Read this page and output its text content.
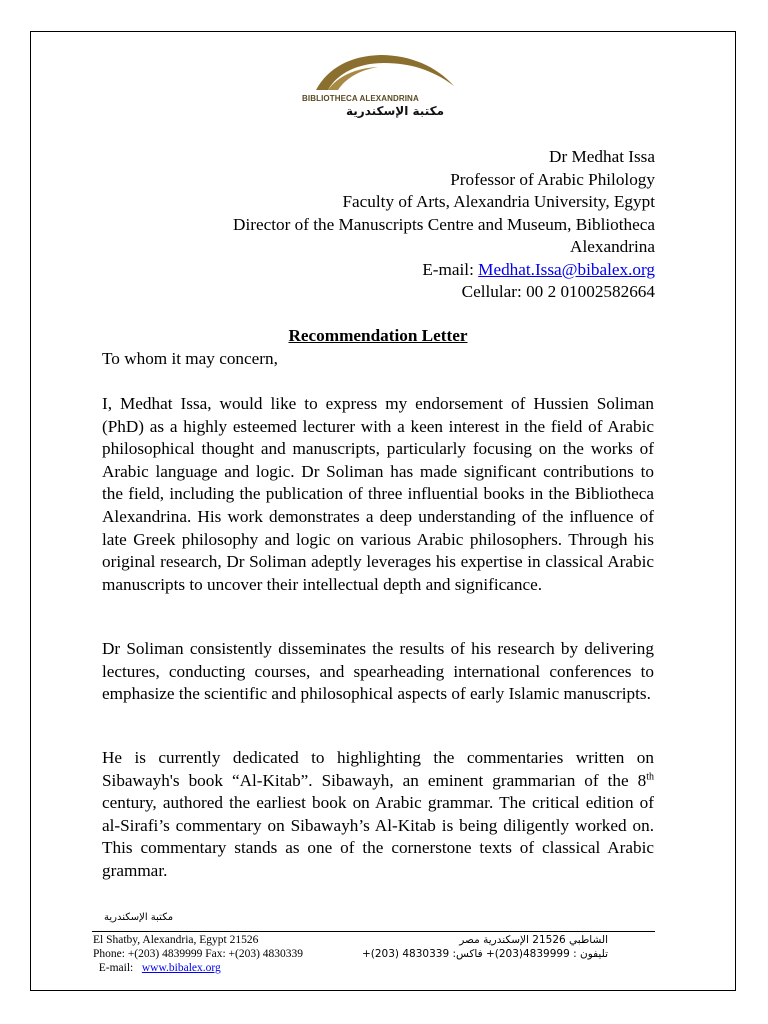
BIBLIOTHECA ALEXANDRINA
مكتبة الإسكندرية
Dr Medhat Issa
Professor of Arabic Philology
Faculty of Arts, Alexandria University, Egypt
Director of the Manuscripts Centre and Museum, Bibliotheca
Alexandrina
E-mail: Medhat.Issa@bibalex.org
Cellular: 00 2 01002582664
Recommendation Letter
To whom it may concern,
I, Medhat Issa, would like to express my endorsement of Hussien Soliman (PhD) as a highly esteemed lecturer with a keen interest in the field of Arabic philosophical thought and manuscripts, particularly focusing on the works of Arabic language and logic. Dr Soliman has made significant contributions to the field, including the publication of three influential books in the Bibliotheca Alexandrina. His work demonstrates a deep understanding of the influence of late Greek philosophy and logic on various Arabic philosophers. Through his original research, Dr Soliman adeptly leverages his expertise in classical Arabic manuscripts to uncover their intellectual depth and significance.
Dr Soliman consistently disseminates the results of his research by delivering lectures, conducting courses, and spearheading international conferences to emphasize the scientific and philosophical aspects of early Islamic manuscripts.
He is currently dedicated to highlighting the commentaries written on Sibawayh's book “Al-Kitab”. Sibawayh, an eminent grammarian of the 8th century, authored the earliest book on Arabic grammar. The critical edition of al-Sirafi’s commentary on Sibawayh’s Al-Kitab is being diligently worked on. This commentary stands as one of the cornerstone texts of classical Arabic grammar.
مكتبة الإسكندرية
El Shatby, Alexandria, Egypt 21526
Phone: +(203) 4839999 Fax: +(203) 4830339
E-mail: www.bibalex.org
الشاطبي 21526 الإسكندرية مصر
تليفون : 4839999(203)+ فاكس: 4830339 (203)+
